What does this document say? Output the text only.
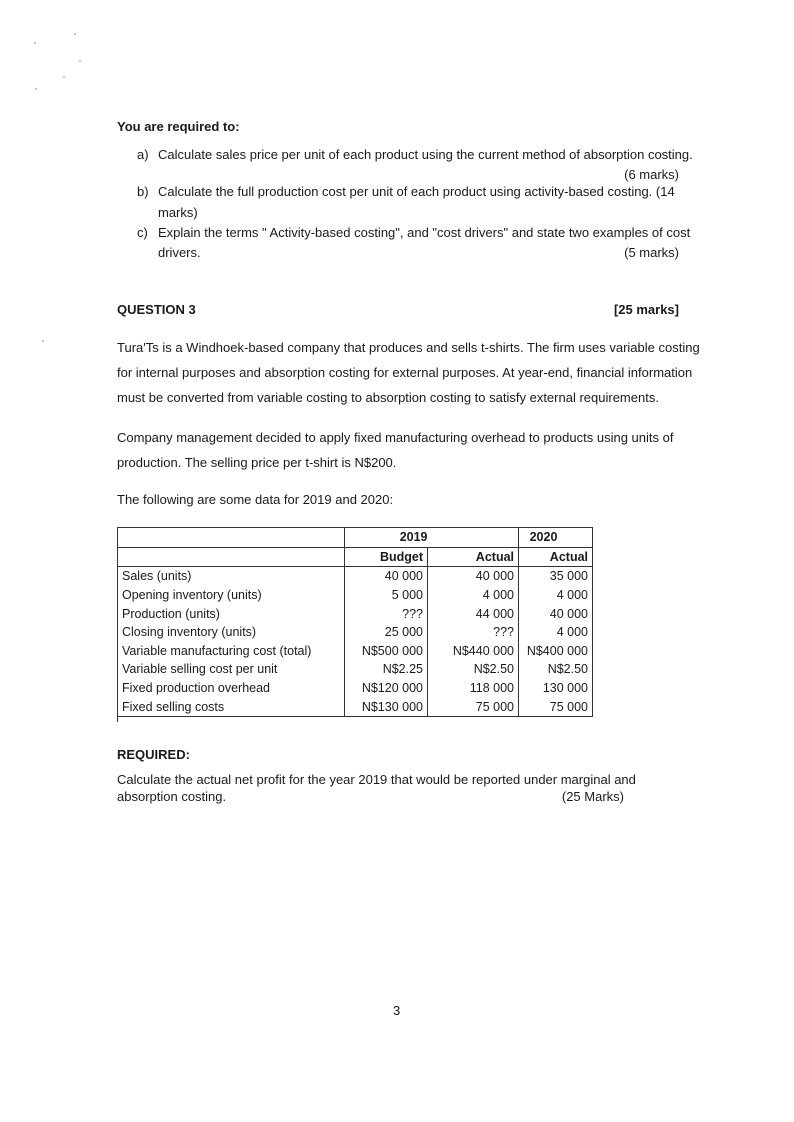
You are required to:
a) Calculate sales price per unit of each product using the current method of absorption costing.
(6 marks)
b) Calculate the full production cost per unit of each product using activity-based costing. (14
marks)
c) Explain the terms " Activity-based costing", and "cost drivers" and state two examples of cost
drivers.	(5 marks)
QUESTION 3	[25 marks]
Tura'Ts is a Windhoek-based company that produces and sells t-shirts. The firm uses variable costing
for internal purposes and absorption costing for external purposes. At year-end, financial information
must be converted from variable costing to absorption costing to satisfy external requirements.
Company management decided to apply fixed manufacturing overhead to products using units of
production. The selling price per t-shirt is N$200.
The following are some data for 2019 and 2020:
	2019		2020
	Budget	Actual	Actual
Sales (units)	40 000	40 000	35 000
Opening inventory (units)	5 000	4 000	4 000
Production (units)	???	44 000	40 000
Closing inventory (units)	25 000	???	4 000
Variable manufacturing cost (total)	N$500 000	N$440 000	N$400 000
Variable selling cost per unit	N$2.25	N$2.50	N$2.50
Fixed production overhead	N$120 000	118 000	130 000
Fixed selling costs	N$130 000	75 000	75 000
REQUIRED:
Calculate the actual net profit for the year 2019 that would be reported under marginal and
absorption costing.	(25 Marks)
3
